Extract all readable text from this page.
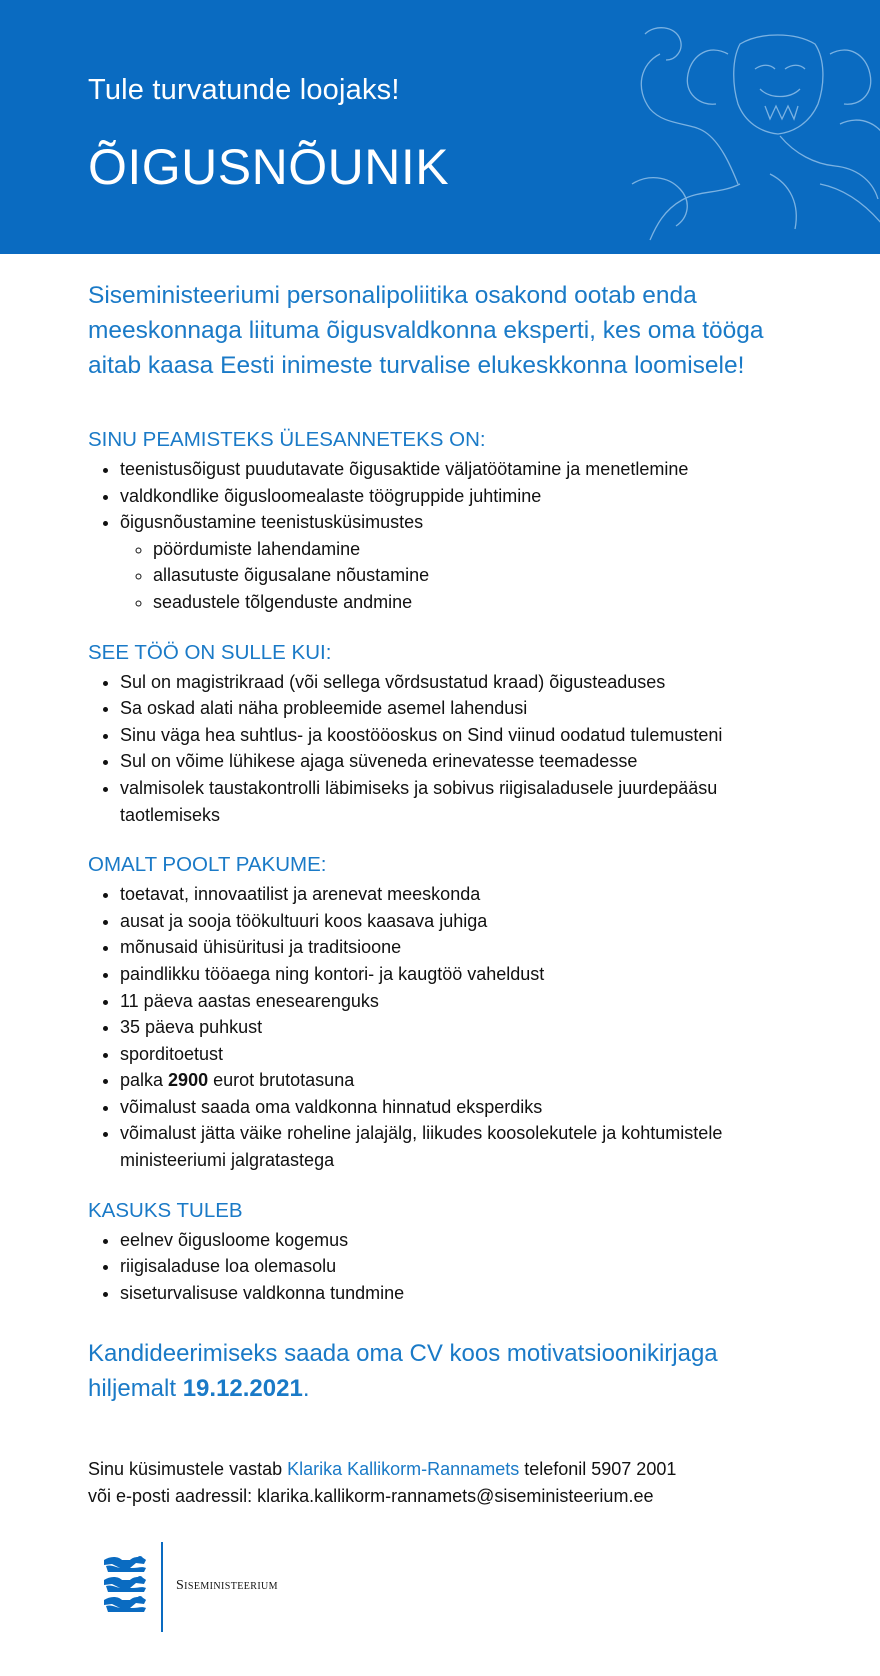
Tule turvatunde loojaks!
ÕIGUSNÕUNIK

Siseministeeriumi personalipoliitika osakond ootab enda meeskonnaga liituma õigusvaldkonna eksperti, kes oma tööga aitab kaasa Eesti inimeste turvalise elukeskkonna loomisele!

SINU PEAMISTEKS ÜLESANNETEKS ON:
• teenistusõigust puudutavate õigusaktide väljatöötamine ja menetlemine
• valdkondlike õigusloomealaste töögruppide juhtimine
• õigusnõustamine teenistusküsimustes
◦ pöördumiste lahendamine
◦ allasutuste õigusalane nõustamine
◦ seadustele tõlgenduste andmine
SEE TÖÖ ON SULLE KUI:
• Sul on magistrikraad (või sellega võrdsustatud kraad) õigusteaduses
• Sa oskad alati näha probleemide asemel lahendusi
• Sinu väga hea suhtlus- ja koostööoskus on Sind viinud oodatud tulemusteni
• Sul on võime lühikese ajaga süveneda erinevatesse teemadesse
• valmisolek taustakontrolli läbimiseks ja sobivus riigisaladusele juurdepääsu taotlemiseks
OMALT POOLT PAKUME:
• toetavat, innovaatilist ja arenevat meeskonda
• ausat ja sooja töökultuuri koos kaasava juhiga
• mõnusaid ühisüritusi ja traditsioone
• paindlikku tööaega ning kontori- ja kaugtöö vaheldust
• 11 päeva aastas enesearenguks
• 35 päeva puhkust
• sporditoetust
• palka 2900 eurot brutotasuna
• võimalust saada oma valdkonna hinnatud eksperdiks
• võimalust jätta väike roheline jalajälg, liikudes koosolekutele ja kohtumistele ministeeriumi jalgratastega
KASUKS TULEB
• eelnev õigusloome kogemus
• riigisaladuse loa olemasolu
• siseturvalisuse valdkonna tundmine

Kandideerimiseks saada oma CV koos motivatsioonikirjaga hiljemalt 19.12.2021.

Sinu küsimustele vastab Klarika Kallikorm-Rannamets telefonil 5907 2001
või e-posti aadressil: klarika.kallikorm-rannamets@siseministeerium.ee
Siseministeerium
